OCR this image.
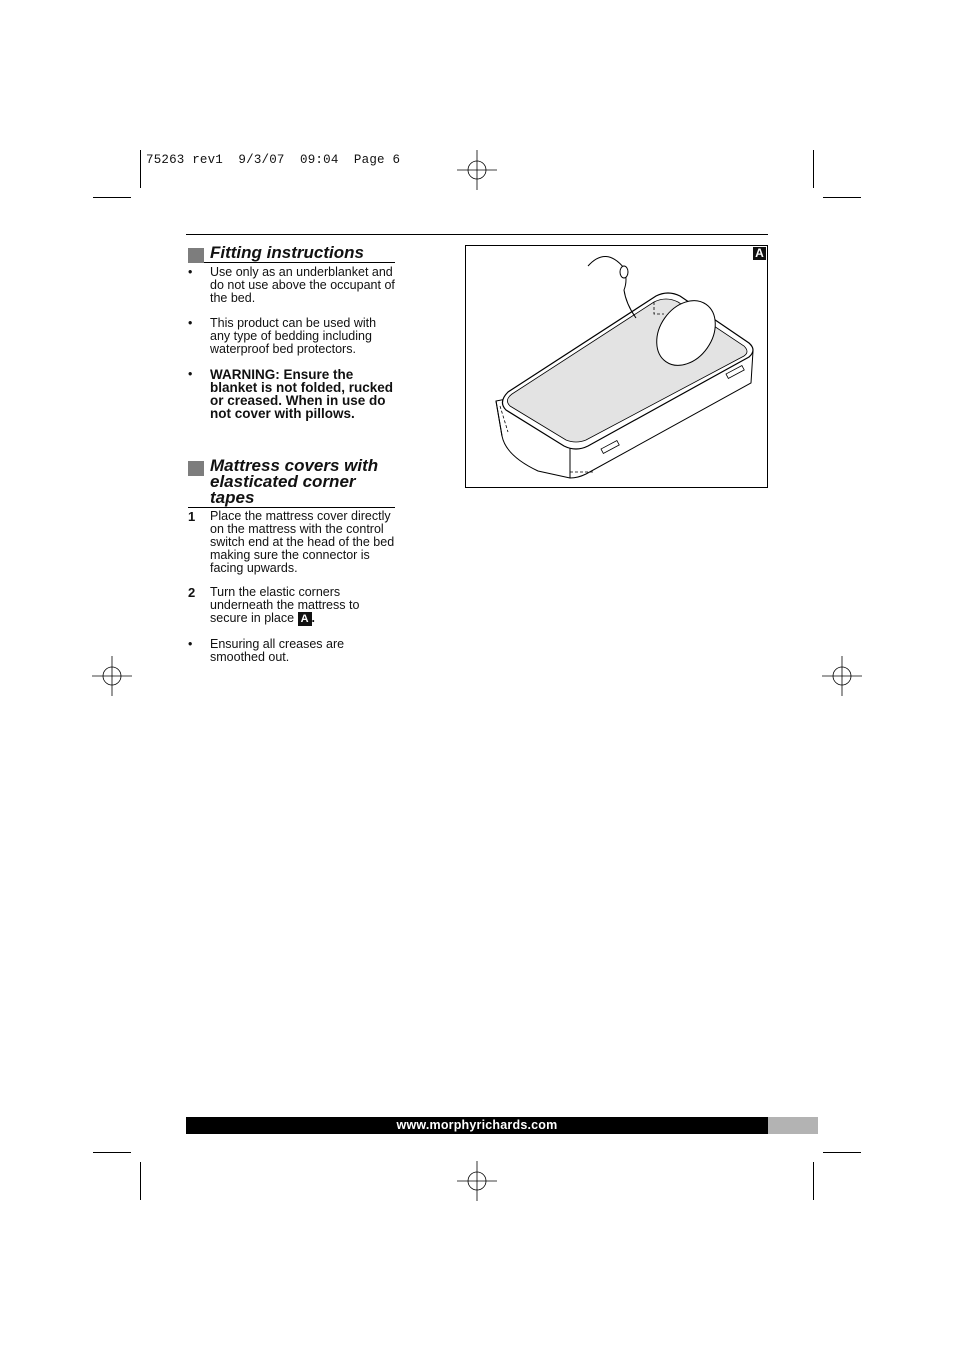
75263 rev1  9/3/07  09:04  Page 6
Fitting instructions
•	Use only as an underblanket and do not use above the occupant of the bed.
•	This product can be used with any type of bedding including waterproof bed protectors.
•	WARNING: Ensure the blanket is not folded, rucked or creased. When in use do not cover with pillows.
Mattress covers with elasticated corner tapes
1	Place the mattress cover directly on the mattress with the control switch end at the head of the bed making sure the connector is facing upwards.
2	Turn the elastic corners underneath the mattress to secure in place A .
•	Ensuring all creases are smoothed out.
A
www.morphyrichards.com
